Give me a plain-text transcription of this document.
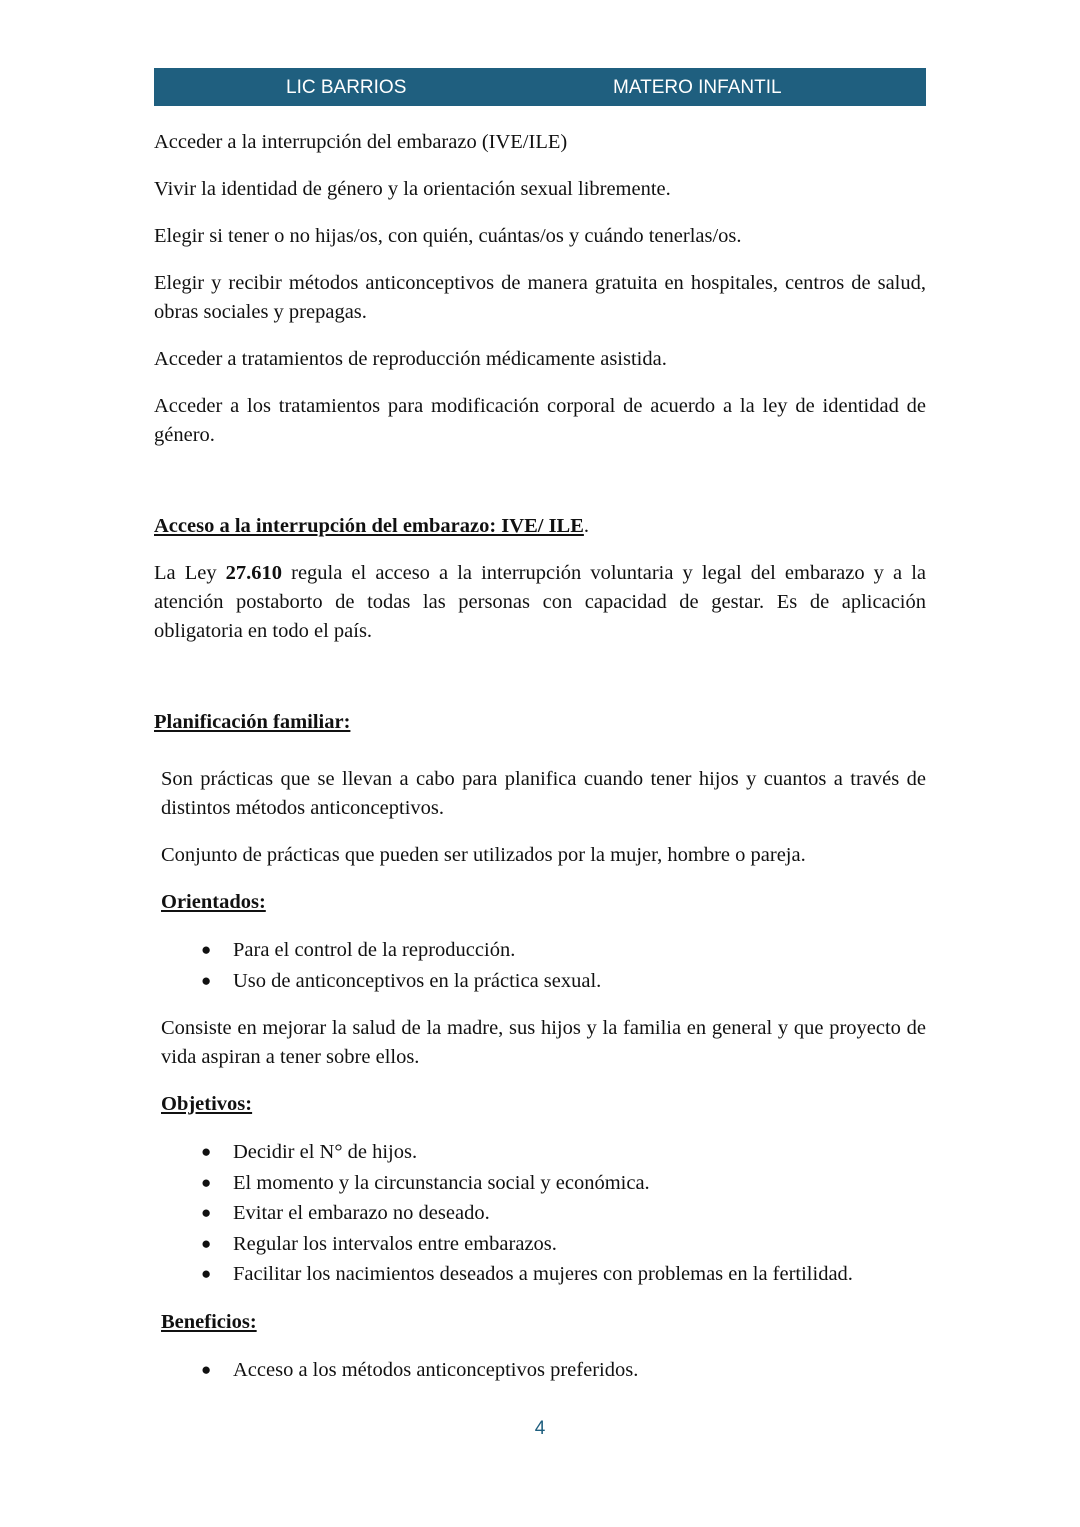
LIC BARRIOS	MATERO INFANTIL

Acceder a la interrupción del embarazo (IVE/ILE)

Vivir la identidad de género y la orientación sexual libremente.

Elegir si tener o no hijas/os, con quién, cuántas/os y cuándo tenerlas/os.

Elegir y recibir métodos anticonceptivos de manera gratuita en hospitales, centros de salud, obras sociales y prepagas.

Acceder a tratamientos de reproducción médicamente asistida.

Acceder a los tratamientos para modificación corporal de acuerdo a la ley de identidad de género.

Acceso a la interrupción del embarazo: IVE/ ILE.

La Ley 27.610 regula el acceso a la interrupción voluntaria y legal del embarazo y a la atención postaborto de todas las personas con capacidad de gestar. Es de aplicación obligatoria en todo el país.

Planificación familiar:

Son prácticas que se llevan a cabo para planifica cuando tener hijos y cuantos a través de distintos métodos anticonceptivos.

Conjunto de prácticas que pueden ser utilizados por la mujer, hombre o pareja.

Orientados:

● Para el control de la reproducción.
● Uso de anticonceptivos en la práctica sexual.

Consiste en mejorar la salud de la madre, sus hijos y la familia en general y que proyecto de vida aspiran a tener sobre ellos.

Objetivos:

● Decidir el N° de hijos.
● El momento y la circunstancia social y económica.
● Evitar el embarazo no deseado.
● Regular los intervalos entre embarazos.
● Facilitar los nacimientos deseados a mujeres con problemas en la fertilidad.

Beneficios:

● Acceso a los métodos anticonceptivos preferidos.
4
